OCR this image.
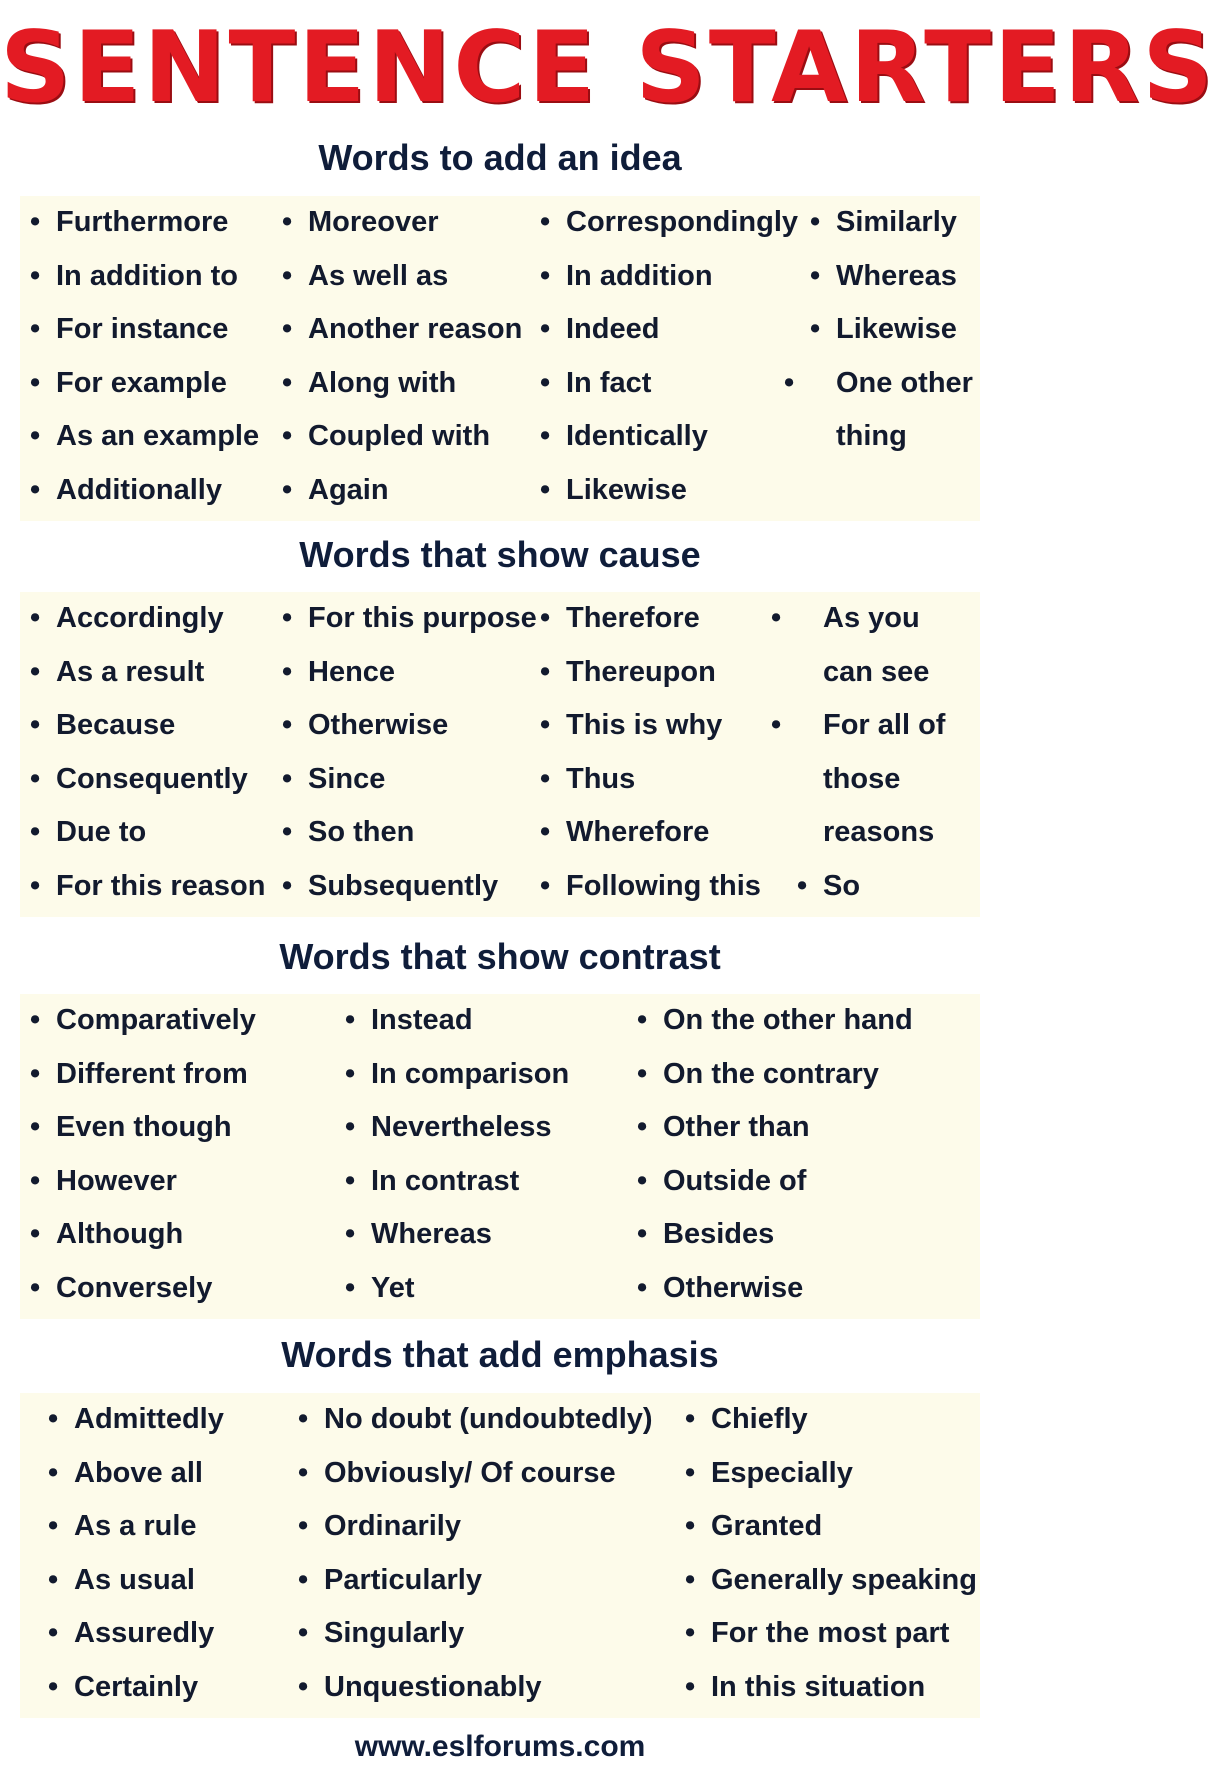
SENTENCE STARTERS
Words to add an idea
• Furthermore
• In addition to
• For instance
• For example
• As an example
• Additionally
• Moreover
• As well as
• Another reason
• Along with
• Coupled with
• Again
• Correspondingly
• In addition
• Indeed
• In fact
• Identically
• Likewise
• Similarly
• Whereas
• Likewise
• One other thing
Words that show cause
• Accordingly
• As a result
• Because
• Consequently
• Due to
• For this reason
• For this purpose
• Hence
• Otherwise
• Since
• So then
• Subsequently
• Therefore
• Thereupon
• This is why
• Thus
• Wherefore
• Following this
• As you can see
• For all of those reasons
• So
Words that show contrast
• Comparatively
• Different from
• Even though
• However
• Although
• Conversely
• Instead
• In comparison
• Nevertheless
• In contrast
• Whereas
• Yet
• On the other hand
• On the contrary
• Other than
• Outside of
• Besides
• Otherwise
Words that add emphasis
• Admittedly
• Above all
• As a rule
• As usual
• Assuredly
• Certainly
• No doubt (undoubtedly)
• Obviously/ Of course
• Ordinarily
• Particularly
• Singularly
• Unquestionably
• Chiefly
• Especially
• Granted
• Generally speaking
• For the most part
• In this situation
www.eslforums.com
